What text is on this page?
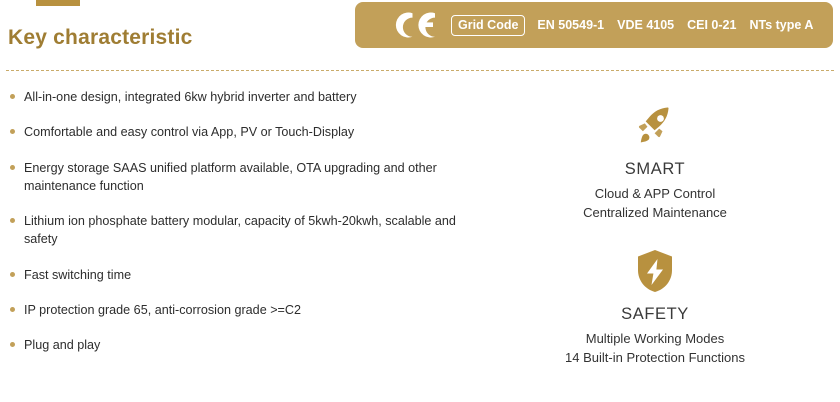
Key characteristic
Grid Code	EN 50549-1 VDE 4105 CEI 0-21 NTs type A
All-in-one design, integrated 6kw hybrid inverter and battery
Comfortable and easy control via App, PV or Touch-Display
Energy storage SAAS unified platform available, OTA upgrading and other maintenance function
Lithium ion phosphate battery modular, capacity of 5kwh-20kwh, scalable and safety
Fast switching time
IP protection grade 65, anti-corrosion grade >=C2
Plug and play
SMART
Cloud & APP Control
Centralized Maintenance
SAFETY
Multiple Working Modes
14 Built-in Protection Functions
